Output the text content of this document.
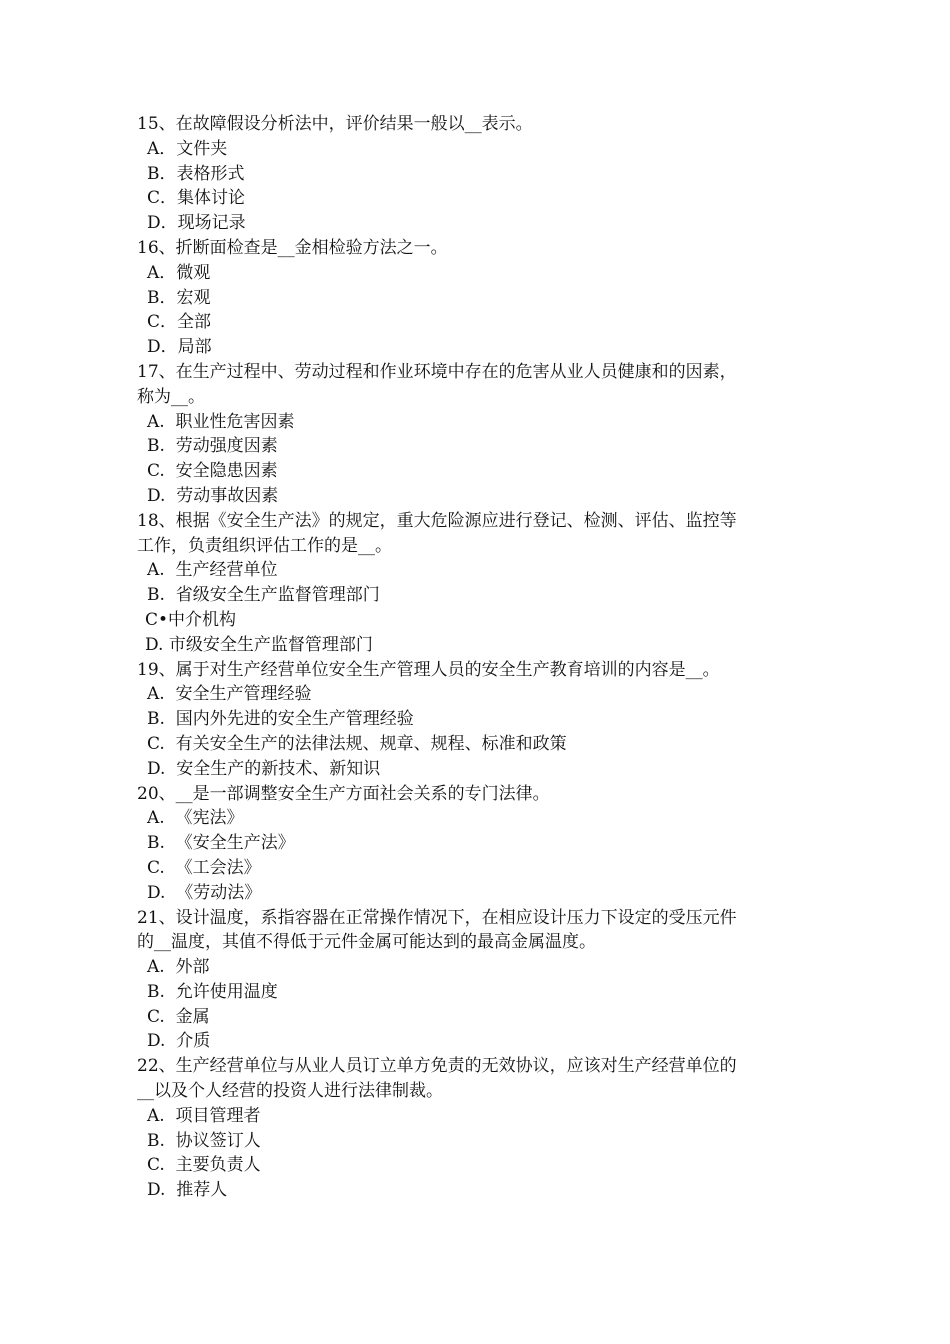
15、在故障假设分析法中，评价结果一般以__表示。
A．文件夹
B．表格形式
C．集体讨论
D．现场记录
16、折断面检查是__金相检验方法之一。
A．微观
B．宏观
C．全部
D．局部
17、在生产过程中、劳动过程和作业环境中存在的危害从业人员健康和的因素，
称为__。
A.  职业性危害因素
B.  劳动强度因素
C.  安全隐患因素
D.  劳动事故因素
18、根据《安全生产法》的规定，重大危险源应进行登记、检测、评估、监控等
工作，负责组织评估工作的是__。
A.  生产经营单位
B.  省级安全生产监督管理部门
C•中介机构
D. 市级安全生产监督管理部门
19、属于对生产经营单位安全生产管理人员的安全生产教育培训的内容是__。
A.  安全生产管理经验
B.  国内外先进的安全生产管理经验
C.  有关安全生产的法律法规、规章、规程、标准和政策
D.  安全生产的新技术、新知识
20、__是一部调整安全生产方面社会关系的专门法律。
A.  《宪法》
B.  《安全生产法》
C.  《工会法》
D.  《劳动法》
21、设计温度，系指容器在正常操作情况下，在相应设计压力下设定的受压元件
的__温度，其值不得低于元件金属可能达到的最高金属温度。
A.  外部
B.  允许使用温度
C.  金属
D.  介质
22、生产经营单位与从业人员订立单方免责的无效协议，应该对生产经营单位的
__以及个人经营的投资人进行法律制裁。
A.  项目管理者
B.  协议签订人
C.  主要负责人
D.  推荐人
